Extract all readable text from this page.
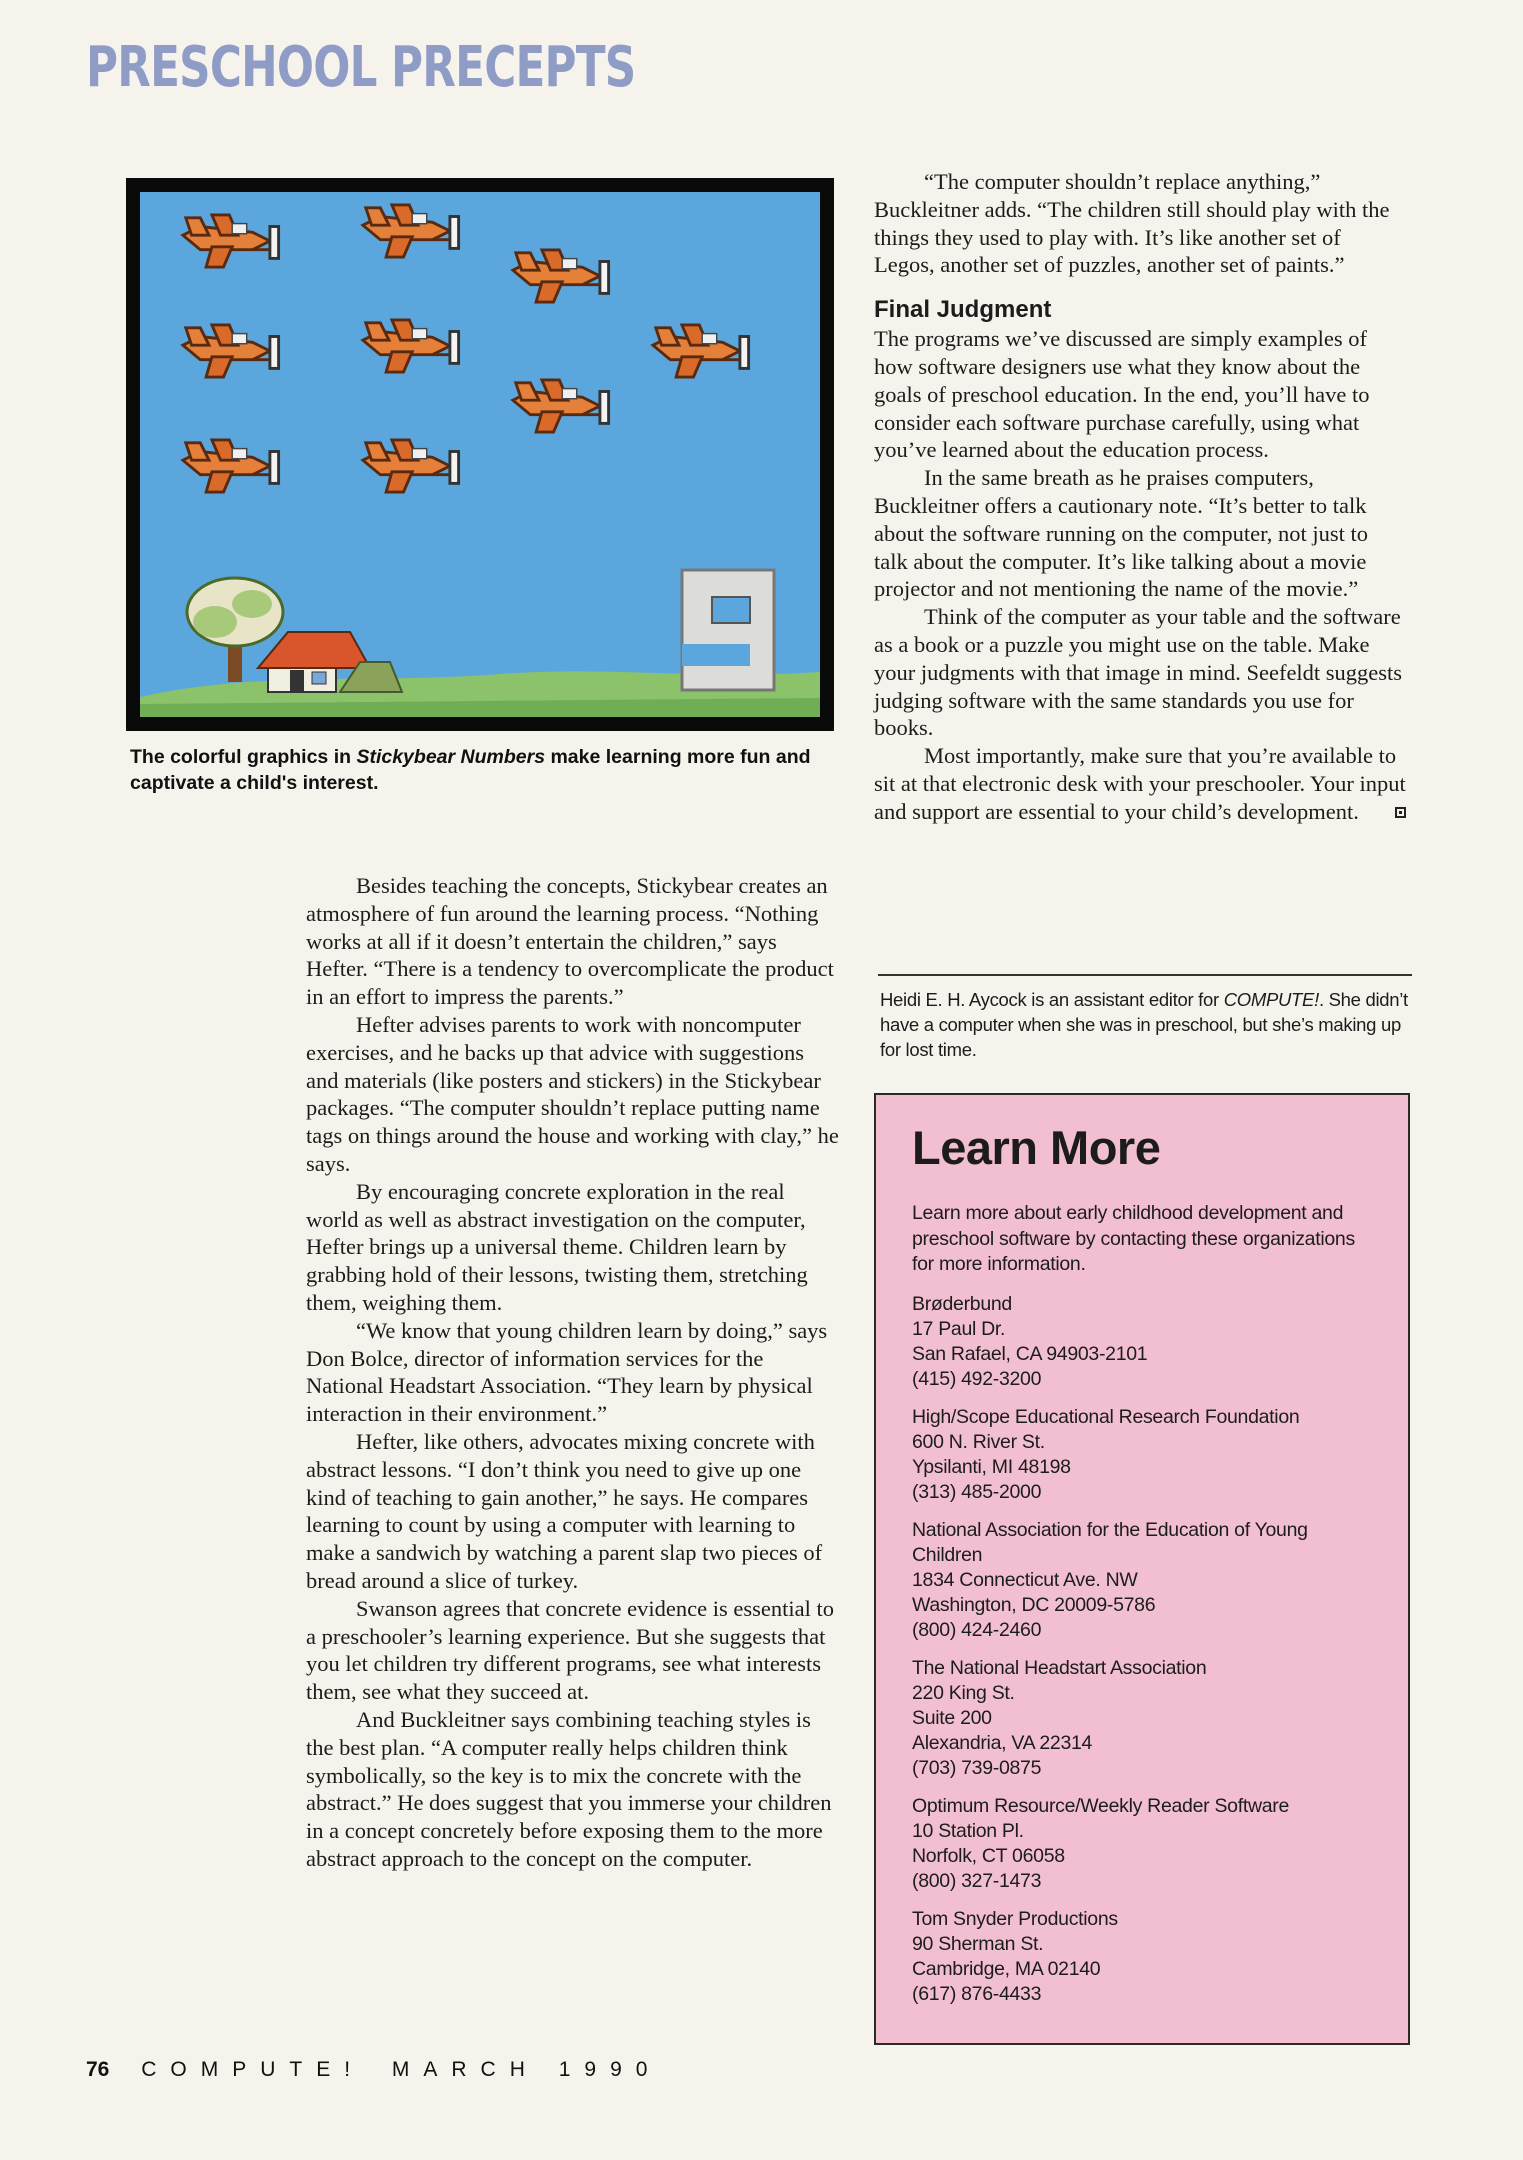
PRESCHOOL PRECEPTS
The colorful graphics in Stickybear Numbers make learning more fun and captivate a child's interest.

Besides teaching the concepts, Stickybear creates an atmosphere of fun around the learning process. “Nothing works at all if it doesn’t entertain the children,” says Hefter. “There is a tendency to overcomplicate the product in an effort to impress the parents.”

Hefter advises parents to work with noncomputer exercises, and he backs up that advice with suggestions and materials (like posters and stickers) in the Stickybear packages. “The computer shouldn’t replace putting name tags on things around the house and working with clay,” he says.

By encouraging concrete exploration in the real world as well as abstract investigation on the computer, Hefter brings up a universal theme. Children learn by grabbing hold of their lessons, twisting them, stretching them, weighing them.

“We know that young children learn by doing,” says Don Bolce, director of information services for the National Headstart Association. “They learn by physical interaction in their environment.”

Hefter, like others, advocates mixing concrete with abstract lessons. “I don’t think you need to give up one kind of teaching to gain another,” he says. He compares learning to count by using a computer with learning to make a sandwich by watching a parent slap two pieces of bread around a slice of turkey.

Swanson agrees that concrete evidence is essential to a preschooler’s learning experience. But she suggests that you let children try different programs, see what interests them, see what they succeed at.

And Buckleitner says combining teaching styles is the best plan. “A computer really helps children think symbolically, so the key is to mix the concrete with the abstract.” He does suggest that you immerse your children in a concept concretely before exposing them to the more abstract approach to the concept on the computer.

“The computer shouldn’t replace anything,” Buckleitner adds. “The children still should play with the things they used to play with. It’s like another set of Legos, another set of puzzles, another set of paints.”

Final Judgment

The programs we’ve discussed are simply examples of how software designers use what they know about the goals of preschool education. In the end, you’ll have to consider each software purchase carefully, using what you’ve learned about the education process.

In the same breath as he praises computers, Buckleitner offers a cautionary note. “It’s better to talk about the software running on the computer, not just to talk about the computer. It’s like talking about a movie projector and not mentioning the name of the movie.”

Think of the computer as your table and the software as a book or a puzzle you might use on the table. Make your judgments with that image in mind. Seefeldt suggests judging software with the same standards you use for books.

Most importantly, make sure that you’re available to sit at that electronic desk with your preschooler. Your input and support are essential to your child’s development.

Heidi E. H. Aycock is an assistant editor for COMPUTE!. She didn’t have a computer when she was in preschool, but she’s making up for lost time.
Learn More
Learn more about early childhood development and preschool software by contacting these organizations for more information.
Brøderbund
17 Paul Dr.
San Rafael, CA 94903-2101
(415) 492-3200
High/Scope Educational Research Foundation
600 N. River St.
Ypsilanti, MI 48198
(313) 485-2000
National Association for the Education of Young Children
1834 Connecticut Ave. NW
Washington, DC 20009-5786
(800) 424-2460
The National Headstart Association
220 King St.
Suite 200
Alexandria, VA 22314
(703) 739-0875
Optimum Resource/Weekly Reader Software
10 Station Pl.
Norfolk, CT 06058
(800) 327-1473
Tom Snyder Productions
90 Sherman St.
Cambridge, MA 02140
(617) 876-4433
76 COMPUTE! MARCH 1990
